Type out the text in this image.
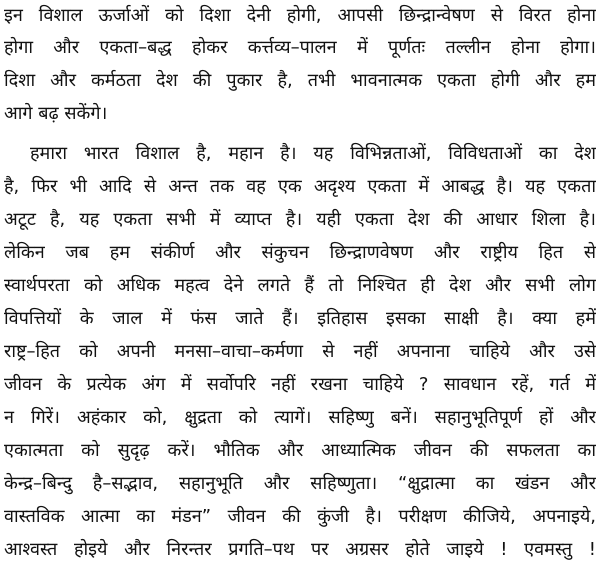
इन विशाल ऊर्जाओं को दिशा देनी होगी, आपसी छिन्द्रान्वेषण से विरत होना
होगा और एकता–बद्ध होकर कर्त्तव्य–पालन में पूर्णतः तल्लीन होना होगा।
दिशा और कर्मठता देश की पुकार है, तभी भावनात्मक एकता होगी और हम
आगे बढ़ सकेंगे।
हमारा भारत विशाल है, महान है। यह विभिन्नताओं, विविधताओं का देश
है, फिर भी आदि से अन्त तक वह एक अदृश्य एकता में आबद्ध है। यह एकता
अटूट है, यह एकता सभी में व्याप्त है। यही एकता देश की आधार शिला है।
लेकिन जब हम संकीर्ण और संकुचन छिन्द्राणवेषण और राष्ट्रीय हित से
स्वार्थपरता को अधिक महत्व देने लगते हैं तो निश्चित ही देश और सभी लोग
विपत्तियों के जाल में फंस जाते हैं। इतिहास इसका साक्षी है। क्या हमें
राष्ट्र–हित को अपनी मनसा–वाचा–कर्मणा से नहीं अपनाना चाहिये और उसे
जीवन के प्रत्येक अंग में सर्वोपरि नहीं रखना चाहिये ? सावधान रहें, गर्त में
न गिरें। अहंकार को, क्षुद्रता को त्यागें। सहिष्णु बनें। सहानुभूतिपूर्ण हों और
एकात्मता को सुदृढ़ करें। भौतिक और आध्यात्मिक जीवन की सफलता का
केन्द्र–बिन्दु है–सद्भाव, सहानुभूति और सहिष्णुता। “क्षुद्रात्मा का खंडन और
वास्तविक आत्मा का मंडन” जीवन की कुंजी है। परीक्षण कीजिये, अपनाइये,
आश्वस्त होइये और निरन्तर प्रगति–पथ पर अग्रसर होते जाइये ! एवमस्तु !
